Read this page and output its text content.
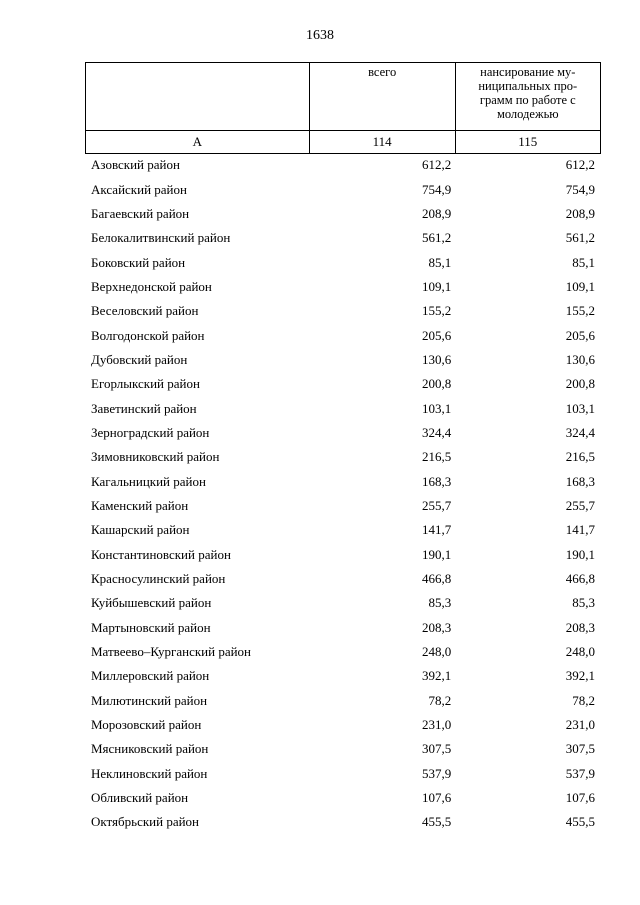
1638

	всего	нансирование му- ниципальных про- грамм по работе с молодежью

А	114	115
Азовский район	612,2	612,2
Аксайский район	754,9	754,9
Багаевский район	208,9	208,9
Белокалитвинский район	561,2	561,2
Боковский район	85,1	85,1
Верхнедонской район	109,1	109,1
Веселовский район	155,2	155,2
Волгодонской район	205,6	205,6
Дубовский район	130,6	130,6
Егорлыкский район	200,8	200,8
Заветинский район	103,1	103,1
Зерноградский район	324,4	324,4
Зимовниковский район	216,5	216,5
Кагальницкий район	168,3	168,3
Каменский район	255,7	255,7
Кашарский район	141,7	141,7
Константиновский район	190,1	190,1
Красносулинский район	466,8	466,8
Куйбышевский район	85,3	85,3
Мартыновский район	208,3	208,3
Матвеево–Курганский район	248,0	248,0
Миллеровский район	392,1	392,1
Милютинский район	78,2	78,2
Морозовский район	231,0	231,0
Мясниковский район	307,5	307,5
Неклиновский район	537,9	537,9
Обливский район	107,6	107,6
Октябрьский район	455,5	455,5
